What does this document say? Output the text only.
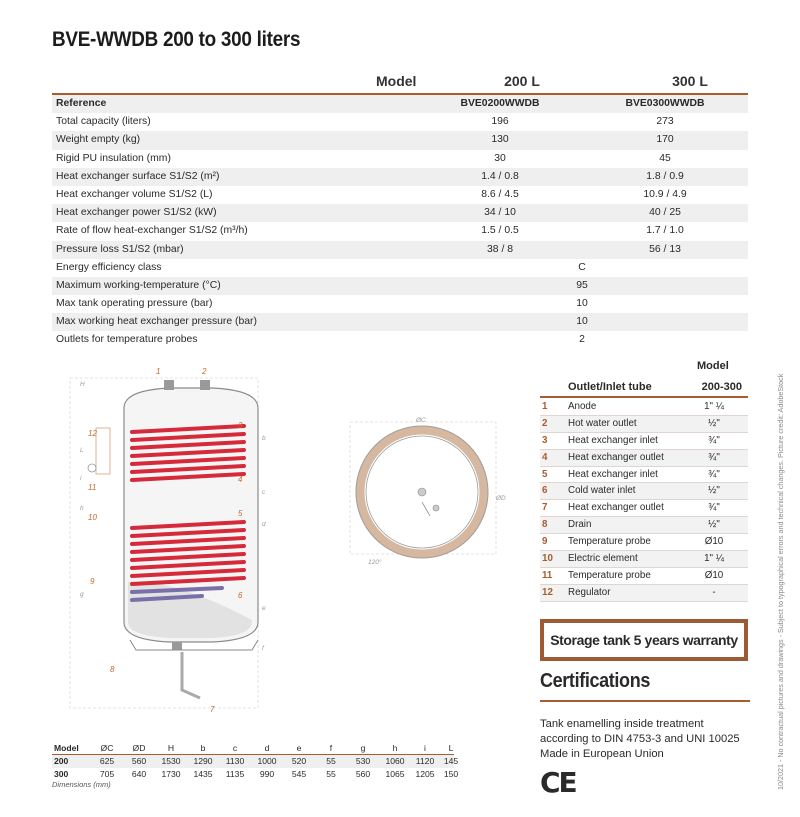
BVE-WWDB 200 to 300 liters
Model	200 L	300 L
Reference	BVE0200WWDB	BVE0300WWDB
Total capacity (liters)	196	273
Weight empty (kg)	130	170
Rigid PU insulation (mm)	30	45
Heat exchanger surface S1/S2 (m²)	1.4 / 0.8	1.8 / 0.9
Heat exchanger volume S1/S2 (L)	8.6 / 4.5	10.9 / 4.9
Heat exchanger power S1/S2 (kW)	34 / 10	40 / 25
Rate of flow heat-exchanger S1/S2 (m³/h)	1.5 / 0.5	1.7 / 1.0
Pressure loss S1/S2 (mbar)	38 / 8	56 / 13
Energy efficiency class	C
Maximum working-temperature (°C)	95
Max tank operating pressure (bar)	10
Max working heat exchanger pressure (bar)	10
Outlets for temperature probes	2
1	2
3
4
5
6
7
8
9
10
11
12
H
b
c
d
e
f
g
h
i
L
ØC
ØD
120°
Model
Outlet/Inlet tube	200-300
1 Anode	1" ¼
2 Hot water outlet	½"
3 Heat exchanger inlet	¾"
4 Heat exchanger outlet	¾"
5 Heat exchanger inlet	¾"
6 Cold water inlet	½"
7 Heat exchanger outlet	¾"
8 Drain	½"
9 Temperature probe	Ø10
10 Electric element	1" ¼
11 Temperature probe	Ø10
12 Regulator	-
Storage tank 5 years warranty
Certifications
Tank enamelling inside treatment
according to DIN 4753-3 and UNI 10025
Made in European Union
CE
Model	ØC	ØD	H	b	c	d	e	f	g	h	i	L
200	625	560	1530	1290	1130	1000	520	55	530	1060	1120	145
300	705	640	1730	1435	1135	990	545	55	560	1065	1205	150
Dimensions (mm)	10/2021 - No contractual pictures and drawings - Subject to typographical errors and technical changes. Picture credit: AdobeStock
